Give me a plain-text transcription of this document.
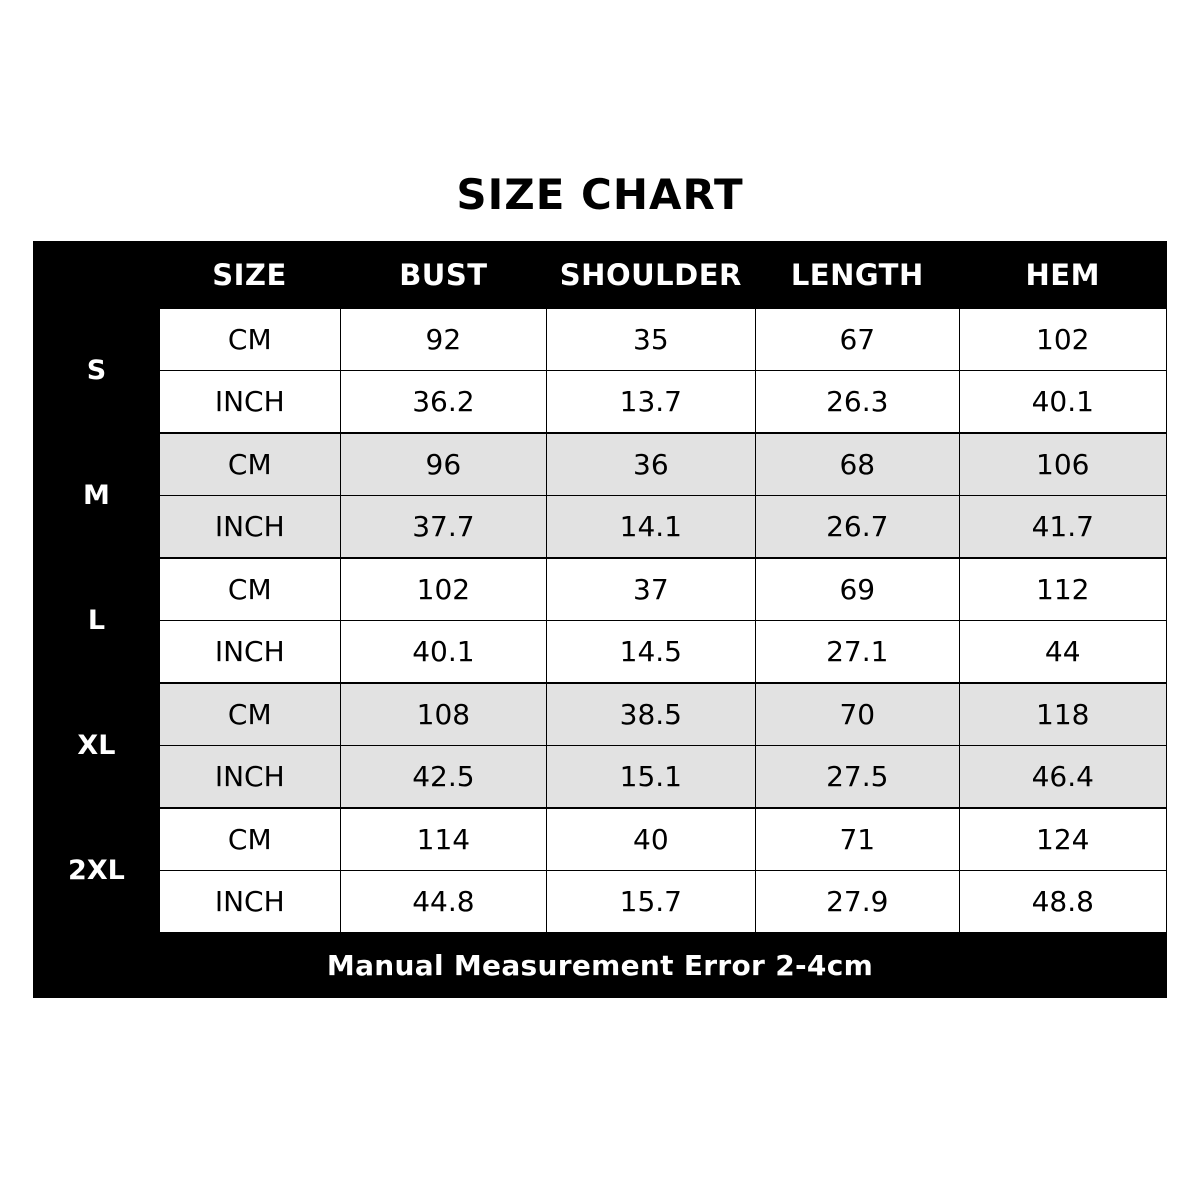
SIZE CHART
	SIZE	BUST	SHOULDER	LENGTH	HEM
S	CM	92	35	67	102
	INCH	36.2	13.7	26.3	40.1
M	CM	96	36	68	106
	INCH	37.7	14.1	26.7	41.7
L	CM	102	37	69	112
	INCH	40.1	14.5	27.1	44
XL	CM	108	38.5	70	118
	INCH	42.5	15.1	27.5	46.4
2XL	CM	114	40	71	124
	INCH	44.8	15.7	27.9	48.8
Manual Measurement Error 2-4cm					
